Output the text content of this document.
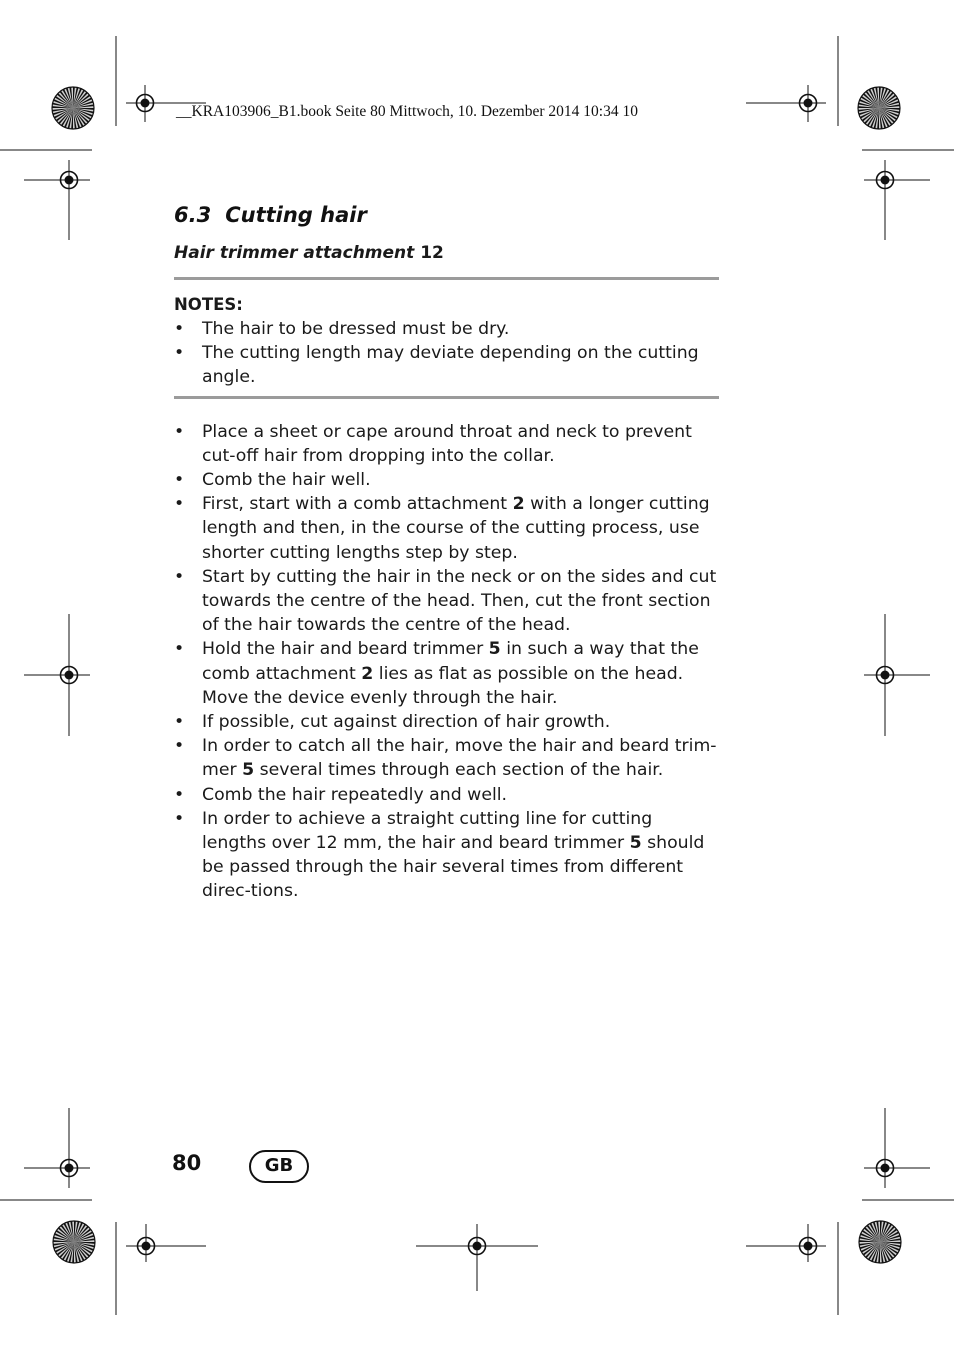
__KRA103906_B1.book Seite 80 Mittwoch, 10. Dezember 2014 10:34 10
6.3 Cutting hair
Hair trimmer attachment 12
NOTES:
• The hair to be dressed must be dry.
• The cutting length may deviate depending on the cutting angle.
• Place a sheet or cape around throat and neck to prevent cut-off hair from dropping into the collar.
• Comb the hair well.
• First, start with a comb attachment 2 with a longer cutting length and then, in the course of the cutting process, use shorter cutting lengths step by step.
• Start by cutting the hair in the neck or on the sides and cut towards the centre of the head. Then, cut the front section of the hair towards the centre of the head.
• Hold the hair and beard trimmer 5 in such a way that the comb attachment 2 lies as flat as possible on the head. Move the device evenly through the hair.
• If possible, cut against direction of hair growth.
• In order to catch all the hair, move the hair and beard trim-mer 5 several times through each section of the hair.
• Comb the hair repeatedly and well.
• In order to achieve a straight cutting line for cutting lengths over 12 mm, the hair and beard trimmer 5 should be passed through the hair several times from different direc-tions.
80	GB
